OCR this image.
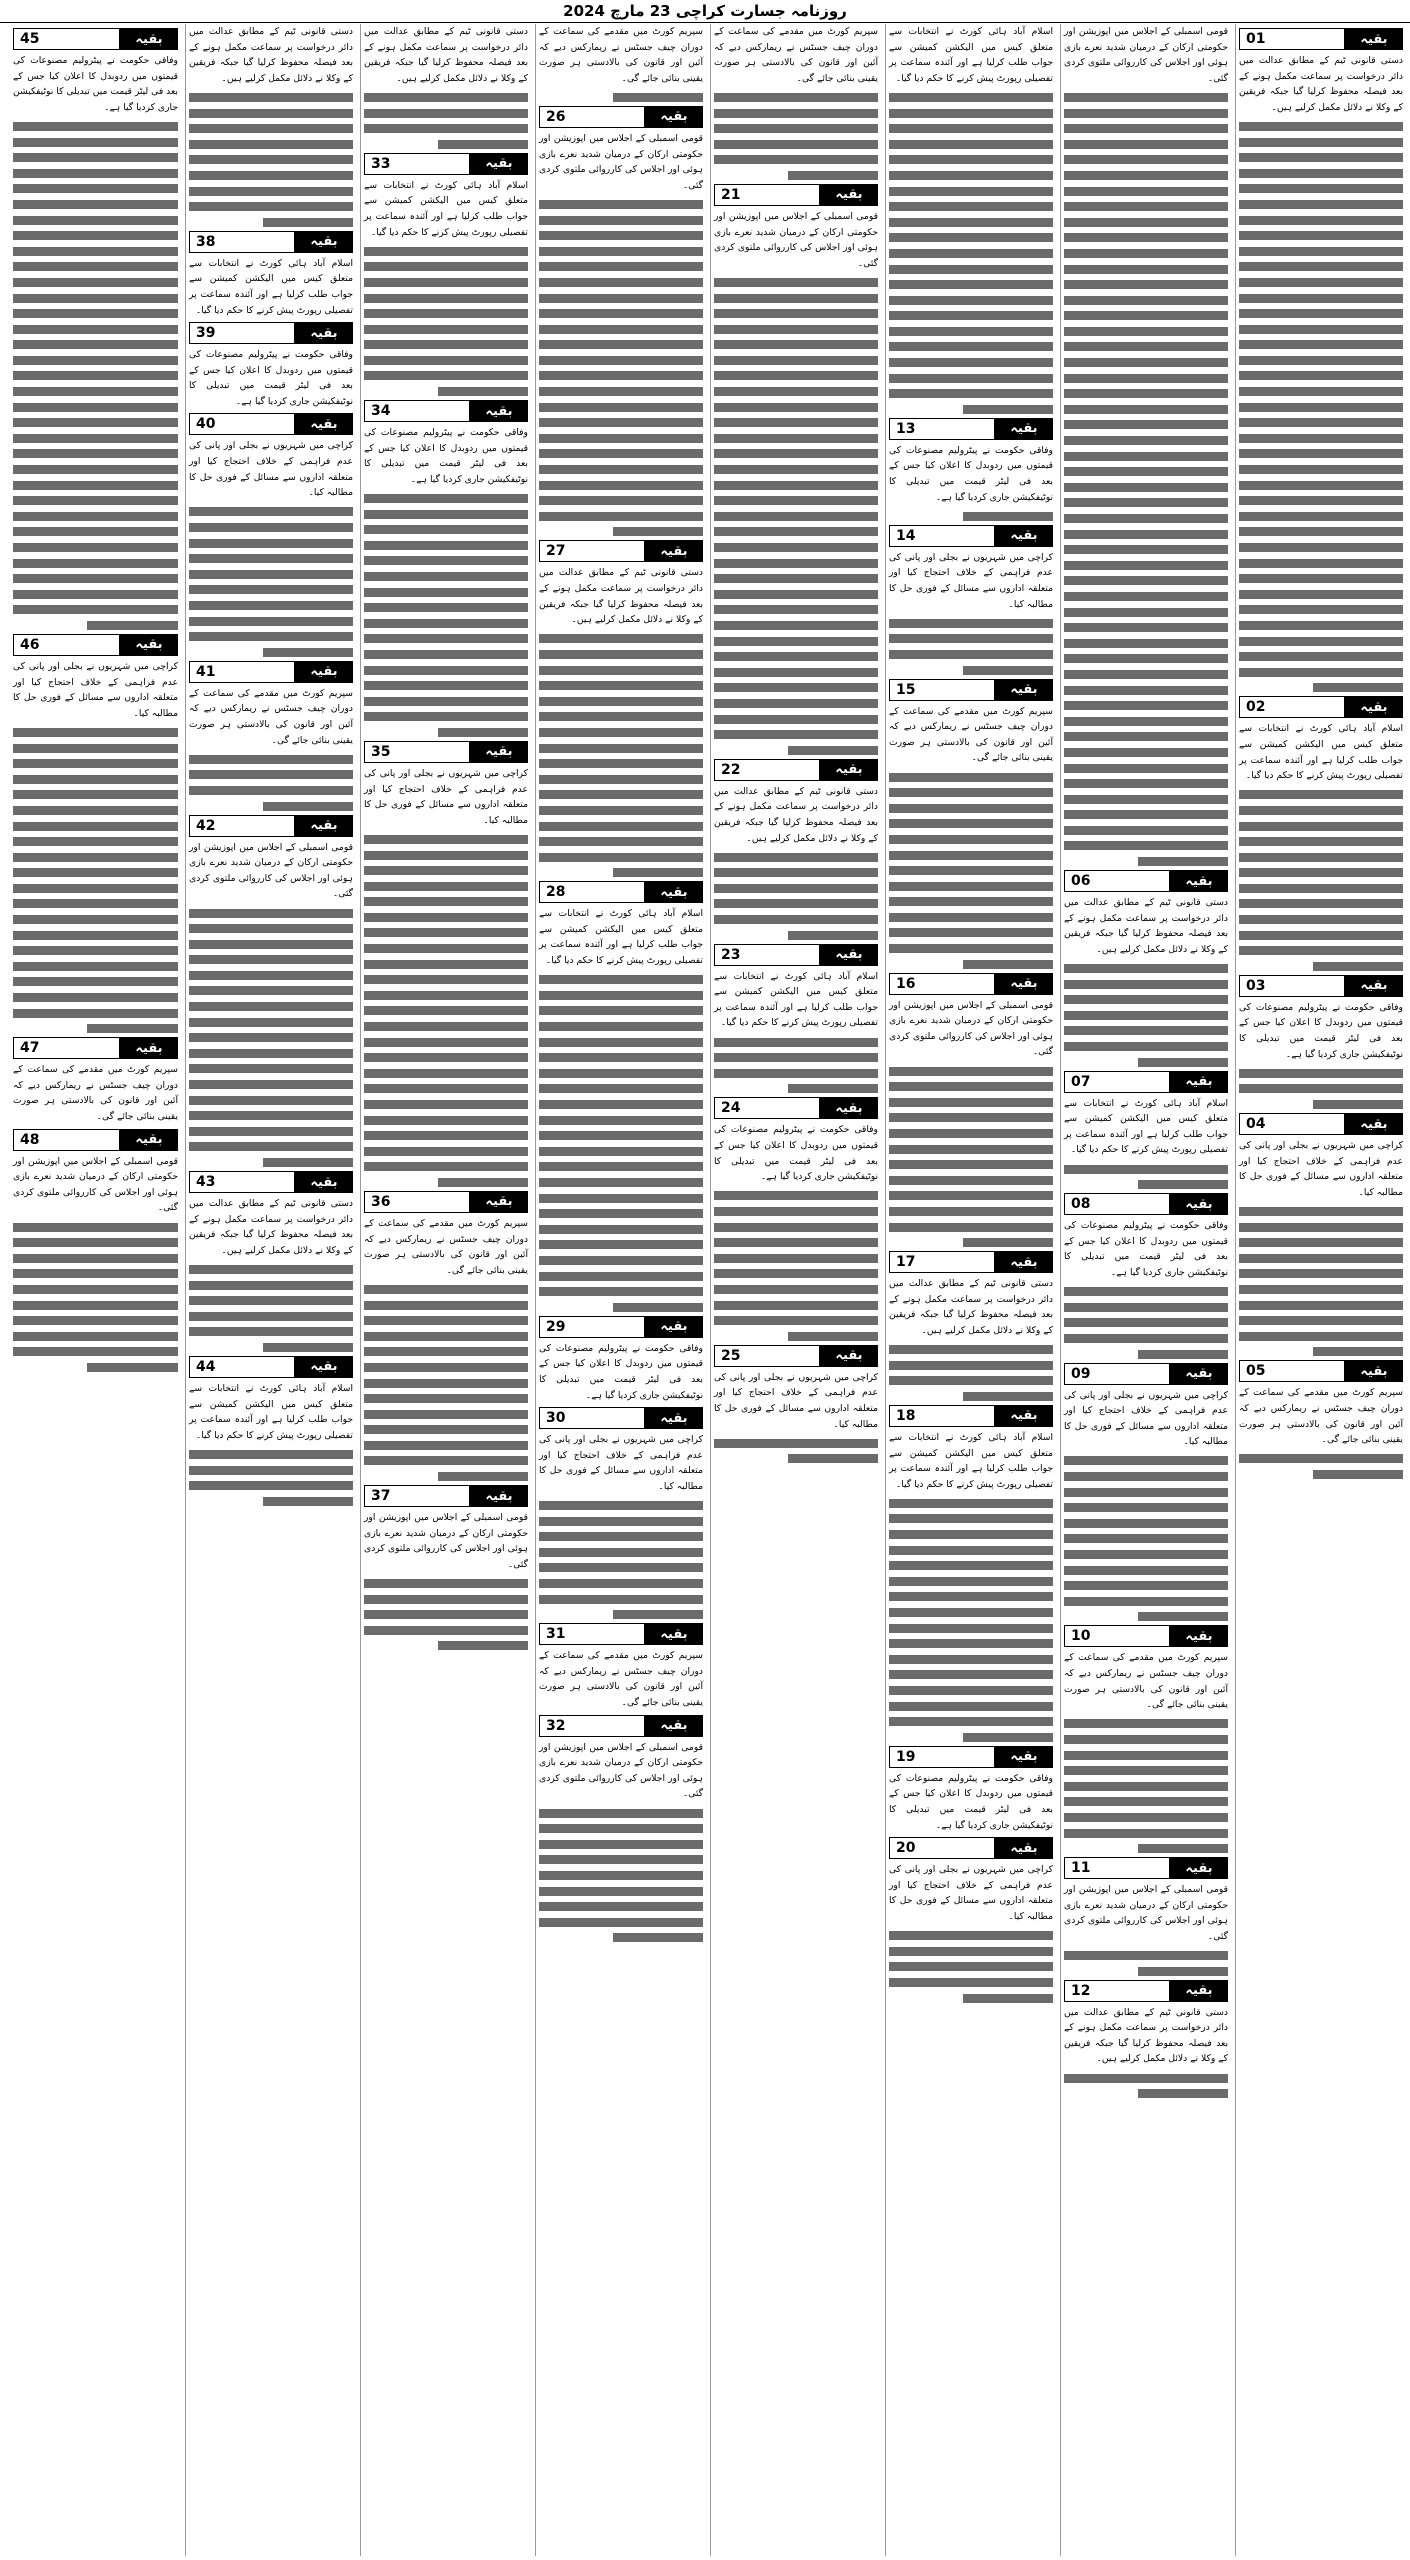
روزنامہ جسارت کراچی 23 مارچ 2024
بقیہ
01

دستی قانونی ٹیم کے مطابق عدالت میں دائر درخواست پر سماعت مکمل ہونے کے بعد فیصلہ محفوظ کرلیا گیا جبکہ فریقین کے وکلا نے دلائل مکمل کرلیے ہیں۔

بقیہ
02

اسلام آباد ہائی کورٹ نے انتخابات سے متعلق کیس میں الیکشن کمیشن سے جواب طلب کرلیا ہے اور آئندہ سماعت پر تفصیلی رپورٹ پیش کرنے کا حکم دیا گیا۔

بقیہ
03

وفاقی حکومت نے پیٹرولیم مصنوعات کی قیمتوں میں ردوبدل کا اعلان کیا جس کے بعد فی لیٹر قیمت میں تبدیلی کا نوٹیفکیشن جاری کردیا گیا ہے۔

بقیہ
04

کراچی میں شہریوں نے بجلی اور پانی کی عدم فراہمی کے خلاف احتجاج کیا اور متعلقہ اداروں سے مسائل کے فوری حل کا مطالبہ کیا۔

بقیہ
05

سپریم کورٹ میں مقدمے کی سماعت کے دوران چیف جسٹس نے ریمارکس دیے کہ آئین اور قانون کی بالادستی ہر صورت یقینی بنائی جائے گی۔

قومی اسمبلی کے اجلاس میں اپوزیشن اور حکومتی ارکان کے درمیان شدید نعرے بازی ہوئی اور اجلاس کی کارروائی ملتوی کردی گئی۔

بقیہ
06

دستی قانونی ٹیم کے مطابق عدالت میں دائر درخواست پر سماعت مکمل ہونے کے بعد فیصلہ محفوظ کرلیا گیا جبکہ فریقین کے وکلا نے دلائل مکمل کرلیے ہیں۔

بقیہ
07

اسلام آباد ہائی کورٹ نے انتخابات سے متعلق کیس میں الیکشن کمیشن سے جواب طلب کرلیا ہے اور آئندہ سماعت پر تفصیلی رپورٹ پیش کرنے کا حکم دیا گیا۔

بقیہ
08

وفاقی حکومت نے پیٹرولیم مصنوعات کی قیمتوں میں ردوبدل کا اعلان کیا جس کے بعد فی لیٹر قیمت میں تبدیلی کا نوٹیفکیشن جاری کردیا گیا ہے۔

بقیہ
09

کراچی میں شہریوں نے بجلی اور پانی کی عدم فراہمی کے خلاف احتجاج کیا اور متعلقہ اداروں سے مسائل کے فوری حل کا مطالبہ کیا۔

بقیہ
10

سپریم کورٹ میں مقدمے کی سماعت کے دوران چیف جسٹس نے ریمارکس دیے کہ آئین اور قانون کی بالادستی ہر صورت یقینی بنائی جائے گی۔

بقیہ
11

قومی اسمبلی کے اجلاس میں اپوزیشن اور حکومتی ارکان کے درمیان شدید نعرے بازی ہوئی اور اجلاس کی کارروائی ملتوی کردی گئی۔

بقیہ
12

دستی قانونی ٹیم کے مطابق عدالت میں دائر درخواست پر سماعت مکمل ہونے کے بعد فیصلہ محفوظ کرلیا گیا جبکہ فریقین کے وکلا نے دلائل مکمل کرلیے ہیں۔

اسلام آباد ہائی کورٹ نے انتخابات سے متعلق کیس میں الیکشن کمیشن سے جواب طلب کرلیا ہے اور آئندہ سماعت پر تفصیلی رپورٹ پیش کرنے کا حکم دیا گیا۔

بقیہ
13

وفاقی حکومت نے پیٹرولیم مصنوعات کی قیمتوں میں ردوبدل کا اعلان کیا جس کے بعد فی لیٹر قیمت میں تبدیلی کا نوٹیفکیشن جاری کردیا گیا ہے۔

بقیہ
14

کراچی میں شہریوں نے بجلی اور پانی کی عدم فراہمی کے خلاف احتجاج کیا اور متعلقہ اداروں سے مسائل کے فوری حل کا مطالبہ کیا۔

بقیہ
15

سپریم کورٹ میں مقدمے کی سماعت کے دوران چیف جسٹس نے ریمارکس دیے کہ آئین اور قانون کی بالادستی ہر صورت یقینی بنائی جائے گی۔

بقیہ
16

قومی اسمبلی کے اجلاس میں اپوزیشن اور حکومتی ارکان کے درمیان شدید نعرے بازی ہوئی اور اجلاس کی کارروائی ملتوی کردی گئی۔

بقیہ
17

دستی قانونی ٹیم کے مطابق عدالت میں دائر درخواست پر سماعت مکمل ہونے کے بعد فیصلہ محفوظ کرلیا گیا جبکہ فریقین کے وکلا نے دلائل مکمل کرلیے ہیں۔

بقیہ
18

اسلام آباد ہائی کورٹ نے انتخابات سے متعلق کیس میں الیکشن کمیشن سے جواب طلب کرلیا ہے اور آئندہ سماعت پر تفصیلی رپورٹ پیش کرنے کا حکم دیا گیا۔

بقیہ
19

وفاقی حکومت نے پیٹرولیم مصنوعات کی قیمتوں میں ردوبدل کا اعلان کیا جس کے بعد فی لیٹر قیمت میں تبدیلی کا نوٹیفکیشن جاری کردیا گیا ہے۔

بقیہ
20

کراچی میں شہریوں نے بجلی اور پانی کی عدم فراہمی کے خلاف احتجاج کیا اور متعلقہ اداروں سے مسائل کے فوری حل کا مطالبہ کیا۔

سپریم کورٹ میں مقدمے کی سماعت کے دوران چیف جسٹس نے ریمارکس دیے کہ آئین اور قانون کی بالادستی ہر صورت یقینی بنائی جائے گی۔

بقیہ
21

قومی اسمبلی کے اجلاس میں اپوزیشن اور حکومتی ارکان کے درمیان شدید نعرے بازی ہوئی اور اجلاس کی کارروائی ملتوی کردی گئی۔

بقیہ
22

دستی قانونی ٹیم کے مطابق عدالت میں دائر درخواست پر سماعت مکمل ہونے کے بعد فیصلہ محفوظ کرلیا گیا جبکہ فریقین کے وکلا نے دلائل مکمل کرلیے ہیں۔

بقیہ
23

اسلام آباد ہائی کورٹ نے انتخابات سے متعلق کیس میں الیکشن کمیشن سے جواب طلب کرلیا ہے اور آئندہ سماعت پر تفصیلی رپورٹ پیش کرنے کا حکم دیا گیا۔

بقیہ
24

وفاقی حکومت نے پیٹرولیم مصنوعات کی قیمتوں میں ردوبدل کا اعلان کیا جس کے بعد فی لیٹر قیمت میں تبدیلی کا نوٹیفکیشن جاری کردیا گیا ہے۔

بقیہ
25

کراچی میں شہریوں نے بجلی اور پانی کی عدم فراہمی کے خلاف احتجاج کیا اور متعلقہ اداروں سے مسائل کے فوری حل کا مطالبہ کیا۔

سپریم کورٹ میں مقدمے کی سماعت کے دوران چیف جسٹس نے ریمارکس دیے کہ آئین اور قانون کی بالادستی ہر صورت یقینی بنائی جائے گی۔

بقیہ
26

قومی اسمبلی کے اجلاس میں اپوزیشن اور حکومتی ارکان کے درمیان شدید نعرے بازی ہوئی اور اجلاس کی کارروائی ملتوی کردی گئی۔

بقیہ
27

دستی قانونی ٹیم کے مطابق عدالت میں دائر درخواست پر سماعت مکمل ہونے کے بعد فیصلہ محفوظ کرلیا گیا جبکہ فریقین کے وکلا نے دلائل مکمل کرلیے ہیں۔

بقیہ
28

اسلام آباد ہائی کورٹ نے انتخابات سے متعلق کیس میں الیکشن کمیشن سے جواب طلب کرلیا ہے اور آئندہ سماعت پر تفصیلی رپورٹ پیش کرنے کا حکم دیا گیا۔

بقیہ
29

وفاقی حکومت نے پیٹرولیم مصنوعات کی قیمتوں میں ردوبدل کا اعلان کیا جس کے بعد فی لیٹر قیمت میں تبدیلی کا نوٹیفکیشن جاری کردیا گیا ہے۔

بقیہ
30

کراچی میں شہریوں نے بجلی اور پانی کی عدم فراہمی کے خلاف احتجاج کیا اور متعلقہ اداروں سے مسائل کے فوری حل کا مطالبہ کیا۔

بقیہ
31

سپریم کورٹ میں مقدمے کی سماعت کے دوران چیف جسٹس نے ریمارکس دیے کہ آئین اور قانون کی بالادستی ہر صورت یقینی بنائی جائے گی۔

بقیہ
32

قومی اسمبلی کے اجلاس میں اپوزیشن اور حکومتی ارکان کے درمیان شدید نعرے بازی ہوئی اور اجلاس کی کارروائی ملتوی کردی گئی۔

دستی قانونی ٹیم کے مطابق عدالت میں دائر درخواست پر سماعت مکمل ہونے کے بعد فیصلہ محفوظ کرلیا گیا جبکہ فریقین کے وکلا نے دلائل مکمل کرلیے ہیں۔

بقیہ
33

اسلام آباد ہائی کورٹ نے انتخابات سے متعلق کیس میں الیکشن کمیشن سے جواب طلب کرلیا ہے اور آئندہ سماعت پر تفصیلی رپورٹ پیش کرنے کا حکم دیا گیا۔

بقیہ
34

وفاقی حکومت نے پیٹرولیم مصنوعات کی قیمتوں میں ردوبدل کا اعلان کیا جس کے بعد فی لیٹر قیمت میں تبدیلی کا نوٹیفکیشن جاری کردیا گیا ہے۔

بقیہ
35

کراچی میں شہریوں نے بجلی اور پانی کی عدم فراہمی کے خلاف احتجاج کیا اور متعلقہ اداروں سے مسائل کے فوری حل کا مطالبہ کیا۔

بقیہ
36

سپریم کورٹ میں مقدمے کی سماعت کے دوران چیف جسٹس نے ریمارکس دیے کہ آئین اور قانون کی بالادستی ہر صورت یقینی بنائی جائے گی۔

بقیہ
37

قومی اسمبلی کے اجلاس میں اپوزیشن اور حکومتی ارکان کے درمیان شدید نعرے بازی ہوئی اور اجلاس کی کارروائی ملتوی کردی گئی۔

دستی قانونی ٹیم کے مطابق عدالت میں دائر درخواست پر سماعت مکمل ہونے کے بعد فیصلہ محفوظ کرلیا گیا جبکہ فریقین کے وکلا نے دلائل مکمل کرلیے ہیں۔

بقیہ
38

اسلام آباد ہائی کورٹ نے انتخابات سے متعلق کیس میں الیکشن کمیشن سے جواب طلب کرلیا ہے اور آئندہ سماعت پر تفصیلی رپورٹ پیش کرنے کا حکم دیا گیا۔

بقیہ
39

وفاقی حکومت نے پیٹرولیم مصنوعات کی قیمتوں میں ردوبدل کا اعلان کیا جس کے بعد فی لیٹر قیمت میں تبدیلی کا نوٹیفکیشن جاری کردیا گیا ہے۔

بقیہ
40

کراچی میں شہریوں نے بجلی اور پانی کی عدم فراہمی کے خلاف احتجاج کیا اور متعلقہ اداروں سے مسائل کے فوری حل کا مطالبہ کیا۔

بقیہ
41

سپریم کورٹ میں مقدمے کی سماعت کے دوران چیف جسٹس نے ریمارکس دیے کہ آئین اور قانون کی بالادستی ہر صورت یقینی بنائی جائے گی۔

بقیہ
42

قومی اسمبلی کے اجلاس میں اپوزیشن اور حکومتی ارکان کے درمیان شدید نعرے بازی ہوئی اور اجلاس کی کارروائی ملتوی کردی گئی۔

بقیہ
43

دستی قانونی ٹیم کے مطابق عدالت میں دائر درخواست پر سماعت مکمل ہونے کے بعد فیصلہ محفوظ کرلیا گیا جبکہ فریقین کے وکلا نے دلائل مکمل کرلیے ہیں۔

بقیہ
44

اسلام آباد ہائی کورٹ نے انتخابات سے متعلق کیس میں الیکشن کمیشن سے جواب طلب کرلیا ہے اور آئندہ سماعت پر تفصیلی رپورٹ پیش کرنے کا حکم دیا گیا۔

بقیہ
45

وفاقی حکومت نے پیٹرولیم مصنوعات کی قیمتوں میں ردوبدل کا اعلان کیا جس کے بعد فی لیٹر قیمت میں تبدیلی کا نوٹیفکیشن جاری کردیا گیا ہے۔

بقیہ
46

کراچی میں شہریوں نے بجلی اور پانی کی عدم فراہمی کے خلاف احتجاج کیا اور متعلقہ اداروں سے مسائل کے فوری حل کا مطالبہ کیا۔

بقیہ
47

سپریم کورٹ میں مقدمے کی سماعت کے دوران چیف جسٹس نے ریمارکس دیے کہ آئین اور قانون کی بالادستی ہر صورت یقینی بنائی جائے گی۔

بقیہ
48

قومی اسمبلی کے اجلاس میں اپوزیشن اور حکومتی ارکان کے درمیان شدید نعرے بازی ہوئی اور اجلاس کی کارروائی ملتوی کردی گئی۔
